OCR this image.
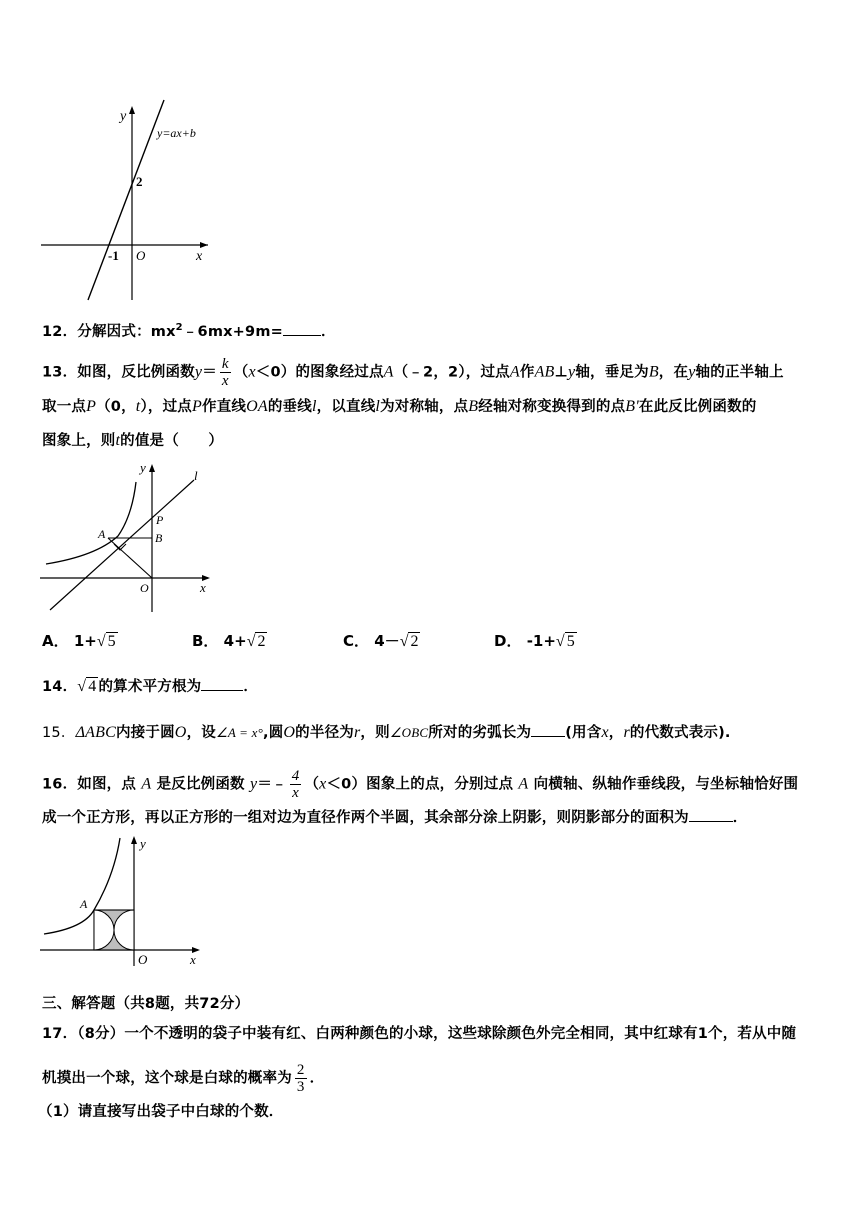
y
x
y=ax+b
2
-1 O
12．分解因式：$mx^2﹣6mx+9m=$	．
13．如图，反比例函数$y= \frac{k}{x} (x<0)$的图象经过点A（﹣2，2），过点A作AB⊥y轴，垂足为B，在y轴的正半轴上
取一点P（0，t），过点P作直线OA的垂线l，以直线l为对称轴，点B经轴对称变换得到的点B'在此反比例函数的
图象上，则t的值是（　　）
y
x
l
P
A	B
O
A． 1+√ 5	B． 4+√ 2	C． 4－√ 2	D． -1+√ 5
14．√ 4 的算术平方根为	．
15．ΔABC内接于圆O，设∠A = x°,圆O的半径为r，则∠OBC所对的劣弧长为 (用含x，r的代数式表示).
16．如图，点 A 是反比例函数 y＝﹣ $\frac{4}{x} (x<0)$图象上的点，分别过点 A 向横轴、纵轴作垂线段，与坐标轴恰好围
成一个正方形，再以正方形的一组对边为直径作两个半圆，其余部分涂上阴影，则阴影部分的面积为	．
y
x
A
O
三、解答题（共8题，共72分）
17．（8分）一个不透明的袋子中装有红、白两种颜色的小球，这些球除颜色外完全相同，其中红球有1个，若从中随
机摸出一个球，这个球是白球的概率为 $\frac{2}{3}$ ．
（1）请直接写出袋子中白球的个数．
